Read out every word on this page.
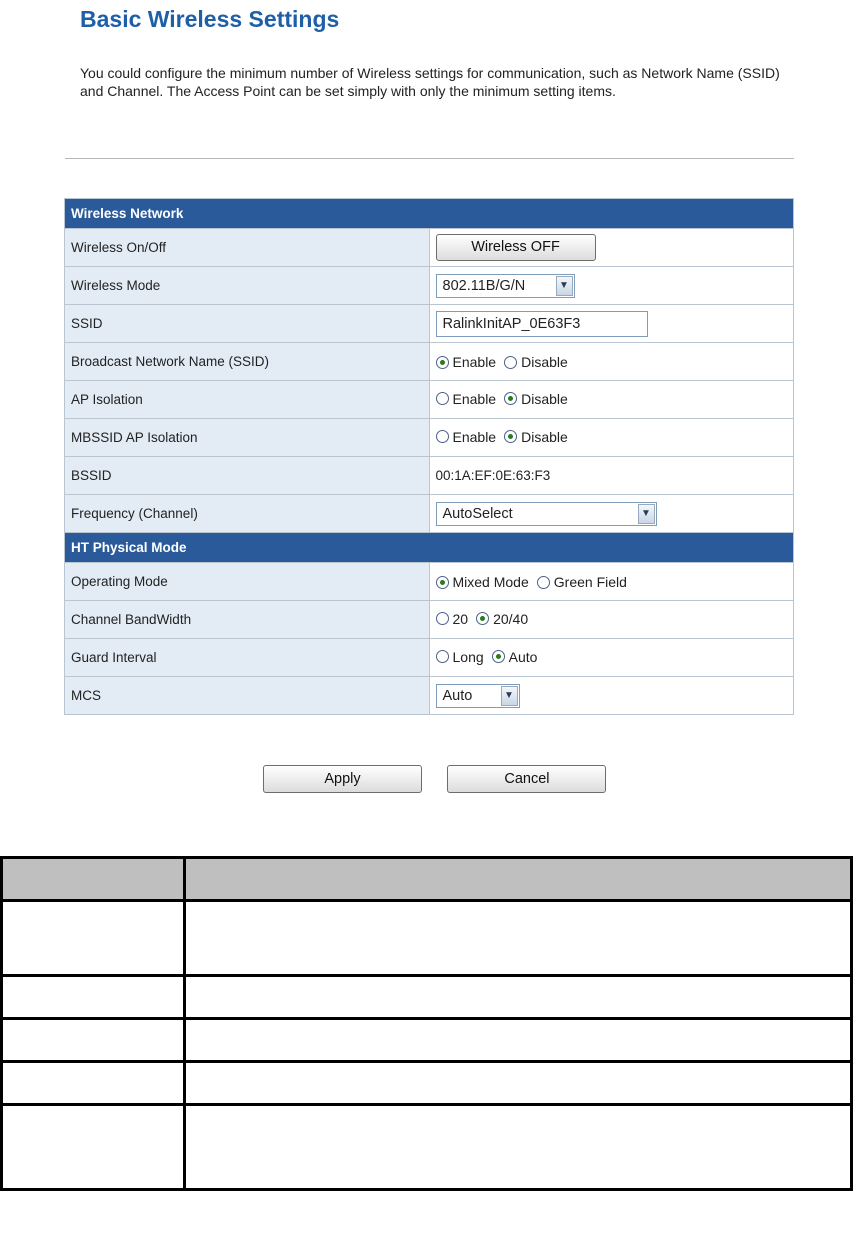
Basic Wireless Settings

You could configure the minimum number of Wireless settings for communication, such as Network Name (SSID) and Channel. The Access Point can be set simply with only the minimum setting items.

Wireless Network	
Wireless On/Off	Wireless OFF
Wireless Mode	802.11B/G/N ▼

SSID	RalinkInitAP_0E63F3
Broadcast Network Name (SSID)	Enable Disable

AP Isolation	Enable Disable

MBSSID AP Isolation	Enable Disable

BSSID	00:1A:EF:0E:63:F3
Frequency (Channel)	AutoSelect ▼

HT Physical Mode	
Operating Mode	Mixed Mode Green Field

Channel BandWidth	20 20/40

Guard Interval	Long Auto

MCS	Auto ▼
Apply	Cancel
